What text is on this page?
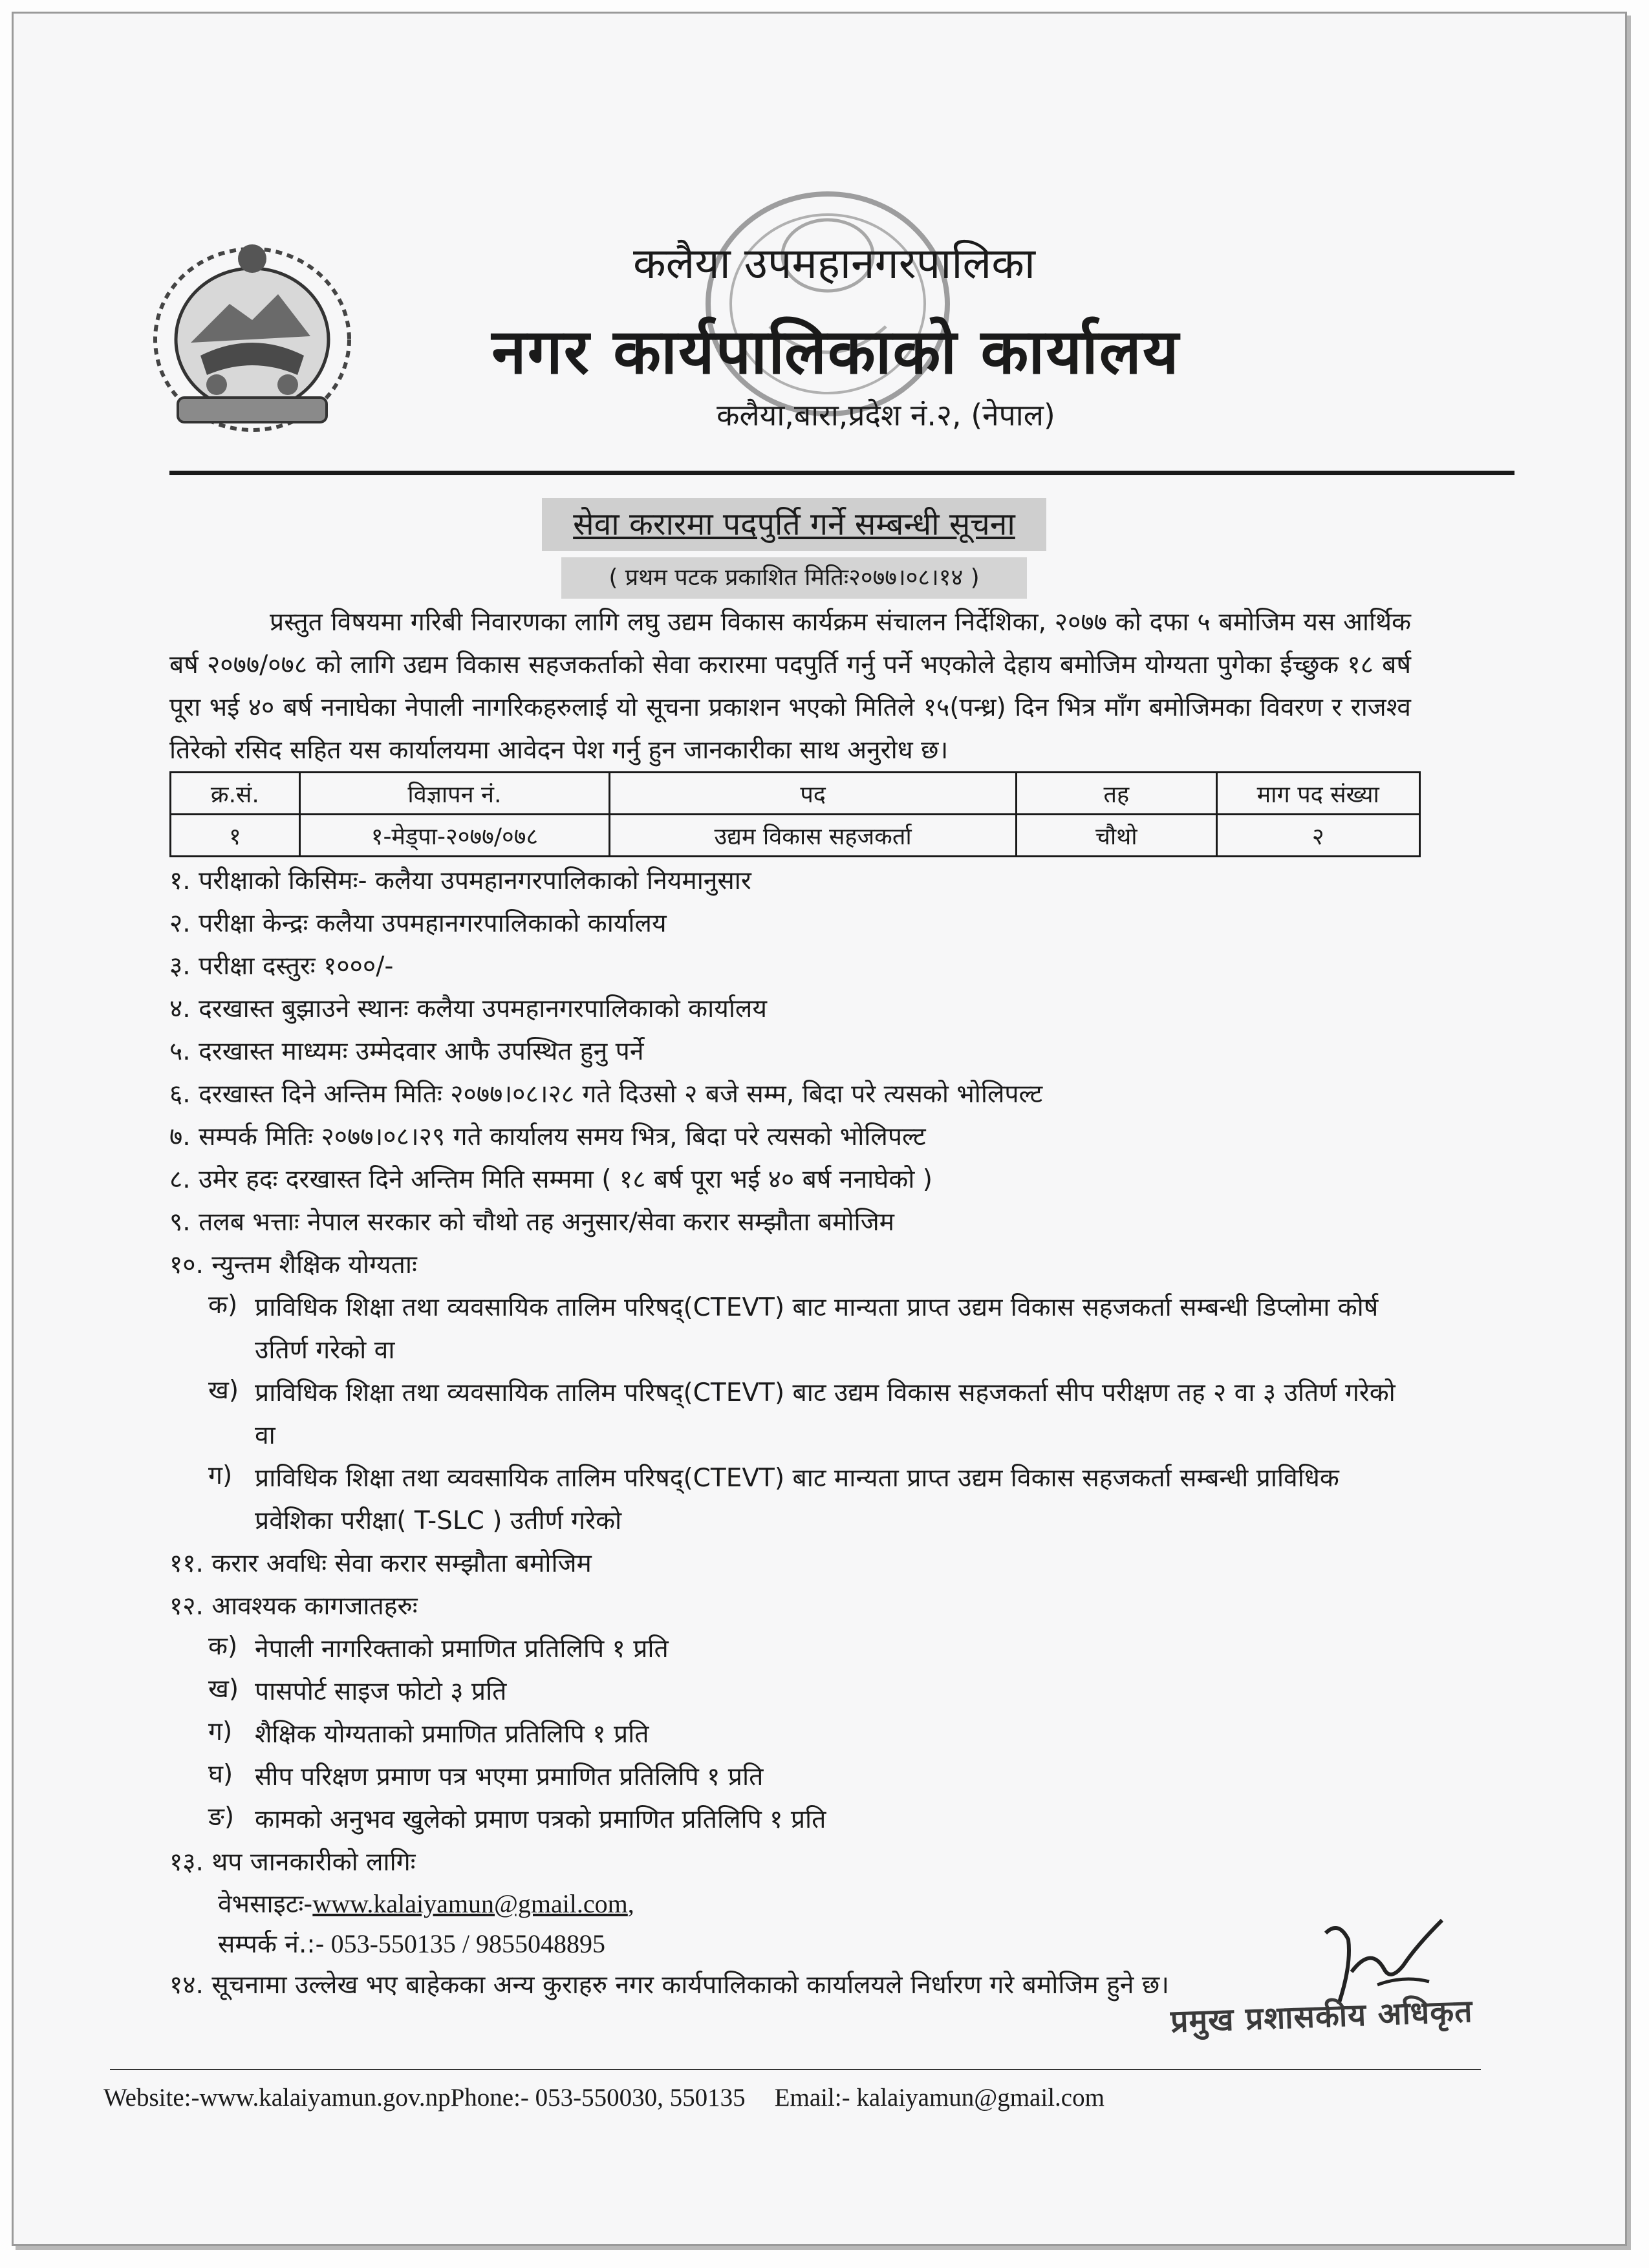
कलैया उपमहानगरपालिका
नगर कार्यपालिकाको कार्यालय
कलैया,बारा,प्रदेश नं.२, (नेपाल)
सेवा करारमा पदपुर्ति गर्ने सम्बन्धी सूचना
( प्रथम पटक प्रकाशित मितिः२०७७।०८।१४ )
प्रस्तुत विषयमा गरिबी निवारणका लागि लघु उद्यम विकास कार्यक्रम संचालन निर्देशिका, २०७७ को दफा ५ बमोजिम यस आर्थिक बर्ष २०७७/०७८ को लागि उद्यम विकास सहजकर्ताको सेवा करारमा पदपुर्ति गर्नु पर्ने भएकोले देहाय बमोजिम योग्यता पुगेका ईच्छुक १८ बर्ष पूरा भई ४० बर्ष ननाघेका नेपाली नागरिकहरुलाई यो सूचना प्रकाशन भएको मितिले १५(पन्ध्र) दिन भित्र माँग बमोजिमका विवरण र राजश्व तिरेको रसिद सहित यस कार्यालयमा आवेदन पेश गर्नु हुन जानकारीका साथ अनुरोध छ।
क्र.सं.	विज्ञापन नं.	पद	तह	माग पद संख्या
१	१-मेड्पा-२०७७/०७८	उद्यम विकास सहजकर्ता	चौथो	२
१. परीक्षाको किसिमः- कलैया उपमहानगरपालिकाको नियमानुसार
२. परीक्षा केन्द्रः कलैया उपमहानगरपालिकाको कार्यालय
३. परीक्षा दस्तुरः १०००/-
४. दरखास्त बुझाउने स्थानः कलैया उपमहानगरपालिकाको कार्यालय
५. दरखास्त माध्यमः उम्मेदवार आफै उपस्थित हुनु पर्ने
६. दरखास्त दिने अन्तिम मितिः २०७७।०८।२८ गते दिउसो २ बजे सम्म, बिदा परे त्यसको भोलिपल्ट
७. सम्पर्क मितिः २०७७।०८।२९ गते कार्यालय समय भित्र, बिदा परे त्यसको भोलिपल्ट
८. उमेर हदः दरखास्त दिने अन्तिम मिति सम्ममा ( १८ बर्ष पूरा भई ४० बर्ष ननाघेको )
९. तलब भत्ताः नेपाल सरकार को चौथो तह अनुसार/सेवा करार सम्झौता बमोजिम
१०. न्युन्तम शैक्षिक योग्यताः
क) प्राविधिक शिक्षा तथा व्यवसायिक तालिम परिषद्(CTEVT) बाट मान्यता प्राप्त उद्यम विकास सहजकर्ता सम्बन्धी डिप्लोमा कोर्ष उतिर्ण गरेको वा
ख) प्राविधिक शिक्षा तथा व्यवसायिक तालिम परिषद्(CTEVT) बाट उद्यम विकास सहजकर्ता सीप परीक्षण तह २ वा ३ उतिर्ण गरेको वा
ग) प्राविधिक शिक्षा तथा व्यवसायिक तालिम परिषद्(CTEVT) बाट मान्यता प्राप्त उद्यम विकास सहजकर्ता सम्बन्धी प्राविधिक प्रवेशिका परीक्षा( T-SLC ) उतीर्ण गरेको
११. करार अवधिः सेवा करार सम्झौता बमोजिम
१२. आवश्यक कागजातहरुः
क) नेपाली नागरिक्ताको प्रमाणित प्रतिलिपि १ प्रति
ख) पासपोर्ट साइज फोटो ३ प्रति
ग) शैक्षिक योग्यताको प्रमाणित प्रतिलिपि १ प्रति
घ) सीप परिक्षण प्रमाण पत्र भएमा प्रमाणित प्रतिलिपि १ प्रति
ङ) कामको अनुभव खुलेको प्रमाण पत्रको प्रमाणित प्रतिलिपि १ प्रति
१३. थप जानकारीको लागिः
वेभसाइटः-www.kalaiyamun@gmail.com,
सम्पर्क नं.:- 053-550135 / 9855048895
१४. सूचनामा उल्लेख भए बाहेकका अन्य कुराहरु नगर कार्यपालिकाको कार्यालयले निर्धारण गरे बमोजिम हुने छ।
प्रमुख प्रशासकीय अधिकृत
Website:-www.kalaiyamun.gov.npPhone:- 053-550030, 550135 Email:- kalaiyamun@gmail.com
